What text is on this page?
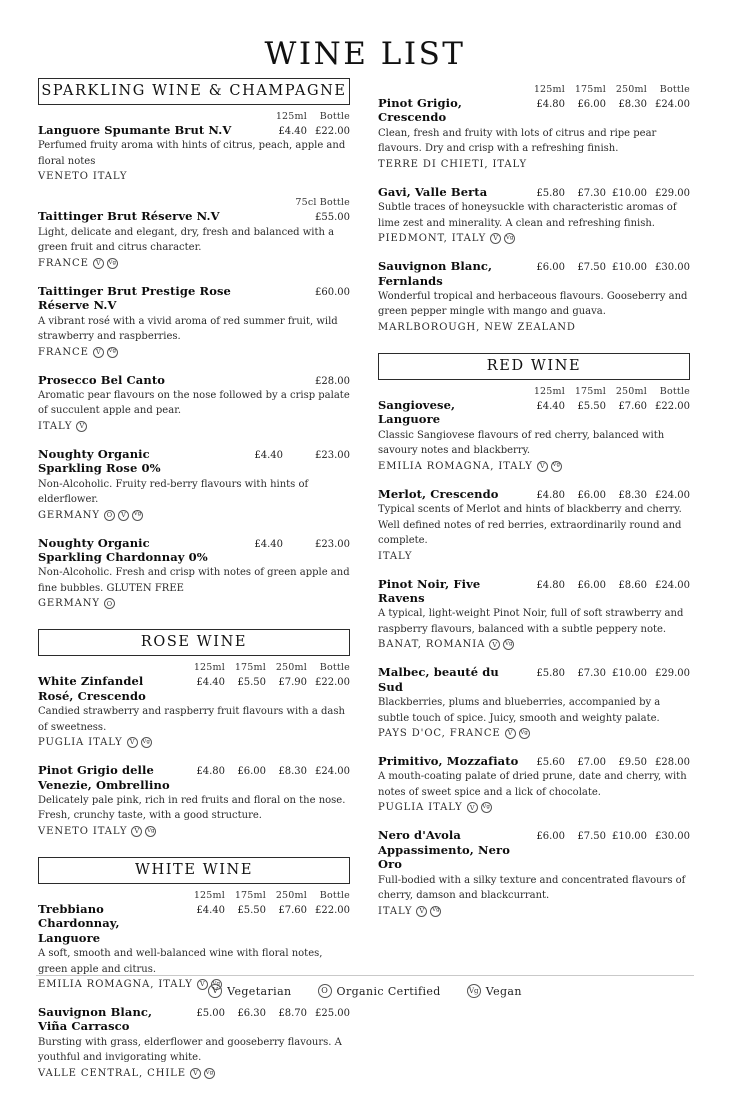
WINE LIST
SPARKLING WINE & CHAMPAGNE
125ml	Bottle
Languore Spumante Brut N.V	£4.40 £22.00
Perfumed fruity aroma with hints of citrus, peach, apple and floral notes
VENETO ITALY
75cl Bottle
Taittinger Brut Réserve N.V	£55.00
Light, delicate and elegant, dry, fresh and balanced with a green fruit and citrus character.
FRANCE	V	Vg
Taittinger Brut Prestige Rose Réserve N.V
£60.00
A vibrant rosé with a vivid aroma of red summer fruit, wild strawberry and raspberries.
FRANCE	V	Vg
Prosecco Bel Canto	£28.00
Aromatic pear flavours on the nose followed by a crisp palate of succulent apple and pear.
ITALY	V
Noughty Organic Sparkling Rose 0%
£4.40	£23.00
Non-Alcoholic. Fruity red-berry flavours with hints of elderflower.
GERMANY	O	V	Vg
Noughty Organic Sparkling Chardonnay 0%
£4.40	£23.00
Non-Alcoholic. Fresh and crisp with notes of green apple and fine bubbles. GLUTEN FREE
GERMANY	O
ROSE WINE
125ml	175ml	250ml	Bottle
White Zinfandel Rosé, Crescendo
£4.40	£5.50	£7.90 £22.00
Candied strawberry and raspberry fruit flavours with a dash of sweetness.
PUGLIA ITALY	V	Vg
Pinot Grigio delle Venezie, Ombrellino
£4.80	£6.00	£8.30 £24.00
Delicately pale pink, rich in red fruits and floral on the nose. Fresh, crunchy taste, with a good structure.
VENETO ITALY	V	Vg
WHITE WINE
125ml	175ml	250ml	Bottle
Trebbiano Chardonnay, Languore
£4.40	£5.50	£7.60 £22.00
A soft, smooth and well-balanced wine with floral notes, green apple and citrus.
EMILIA ROMAGNA, ITALY	V	Vg
Sauvignon Blanc, Viña Carrasco
£5.00	£6.30	£8.70 £25.00
Bursting with grass, elderflower and gooseberry flavours. A youthful and invigorating white.
VALLE CENTRAL, CHILE	V	Vg
125ml	175ml	250ml	Bottle
Pinot Grigio, Crescendo
£4.80	£6.00	£8.30 £24.00
Clean, fresh and fruity with lots of citrus and ripe pear flavours. Dry and crisp with a refreshing finish.
TERRE DI CHIETI, ITALY
Gavi, Valle Berta	£5.80	£7.30 £10.00 £29.00
Subtle traces of honeysuckle with characteristic aromas of lime zest and minerality. A clean and refreshing finish.
PIEDMONT, ITALY	V	Vg
Sauvignon Blanc, Fernlands
£6.00	£7.50 £10.00 £30.00
Wonderful tropical and herbaceous flavours. Gooseberry and green pepper mingle with mango and guava.
MARLBOROUGH, NEW ZEALAND
RED WINE
125ml	175ml	250ml	Bottle
Sangiovese, Languore
£4.40	£5.50	£7.60 £22.00
Classic Sangiovese flavours of red cherry, balanced with savoury notes and blackberry.
EMILIA ROMAGNA, ITALY	V	Vg
Merlot, Crescendo	£4.80	£6.00	£8.30 £24.00
Typical scents of Merlot and hints of blackberry and cherry. Well defined notes of red berries, extraordinarily round and complete.
ITALY
Pinot Noir, Five Ravens
£4.80	£6.00	£8.60 £24.00
A typical, light-weight Pinot Noir, full of soft strawberry and raspberry flavours, balanced with a subtle peppery note.
BANAT, ROMANIA	V	Vg
Malbec, beauté du Sud
£5.80	£7.30 £10.00 £29.00
Blackberries, plums and blueberries, accompanied by a subtle touch of spice. Juicy, smooth and weighty palate.
PAYS D'OC, FRANCE	V	Vg
Primitivo, Mozzafiato	£5.60	£7.00	£9.50 £28.00
A mouth-coating palate of dried prune, date and cherry, with notes of sweet spice and a lick of chocolate.
PUGLIA ITALY	V	Vg
Nero d'Avola Appassimento, Nero Oro
£6.00	£7.50 £10.00 £30.00
Full-bodied with a silky texture and concentrated flavours of cherry, damson and blackcurrant.
ITALY	V	Vg
V Vegetarian	O Organic Certified	Vg Vegan
